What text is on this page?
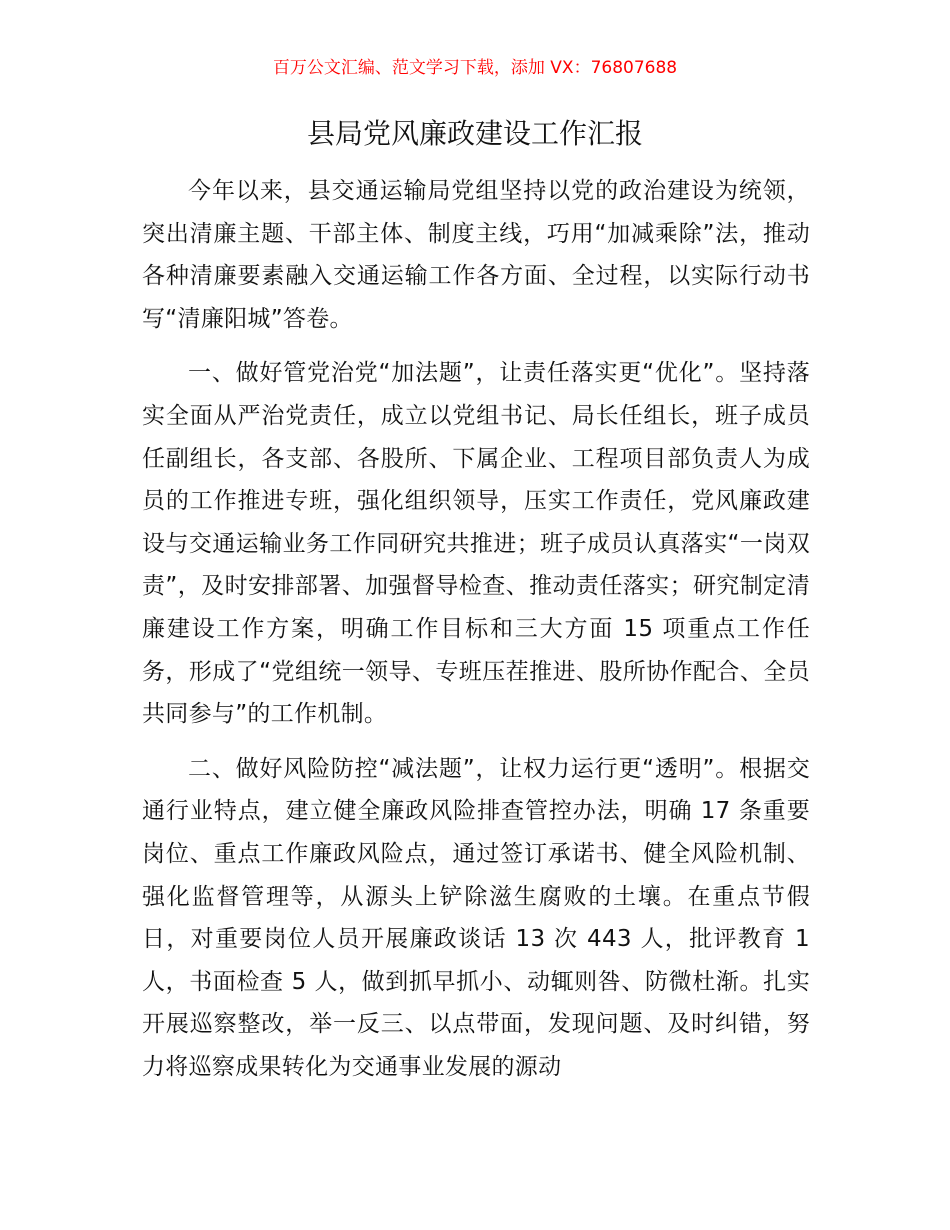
百万公文汇编、范文学习下载，添加 VX：76807688
县局党风廉政建设工作汇报

今年以来，县交通运输局党组坚持以党的政治建设为统领，突出清廉主题、干部主体、制度主线，巧用“加减乘除”法，推动各种清廉要素融入交通运输工作各方面、全过程，以实际行动书写“清廉阳城”答卷。

一、做好管党治党“加法题”，让责任落实更“优化”。坚持落实全面从严治党责任，成立以党组书记、局长任组长，班子成员任副组长，各支部、各股所、下属企业、工程项目部负责人为成员的工作推进专班，强化组织领导，压实工作责任，党风廉政建设与交通运输业务工作同研究共推进；班子成员认真落实“一岗双责”，及时安排部署、加强督导检查、推动责任落实；研究制定清廉建设工作方案，明确工作目标和三大方面 15 项重点工作任务，形成了“党组统一领导、专班压茬推进、股所协作配合、全员共同参与”的工作机制。

二、做好风险防控“减法题”，让权力运行更“透明”。根据交通行业特点，建立健全廉政风险排查管控办法，明确 17 条重要岗位、重点工作廉政风险点，通过签订承诺书、健全风险机制、强化监督管理等，从源头上铲除滋生腐败的土壤。在重点节假日，对重要岗位人员开展廉政谈话 13 次 443 人，批评教育 1 人，书面检查 5 人，做到抓早抓小、动辄则咎、防微杜渐。扎实开展巡察整改，举一反三、以点带面，发现问题、及时纠错，努力将巡察成果转化为交通事业发展的源动
